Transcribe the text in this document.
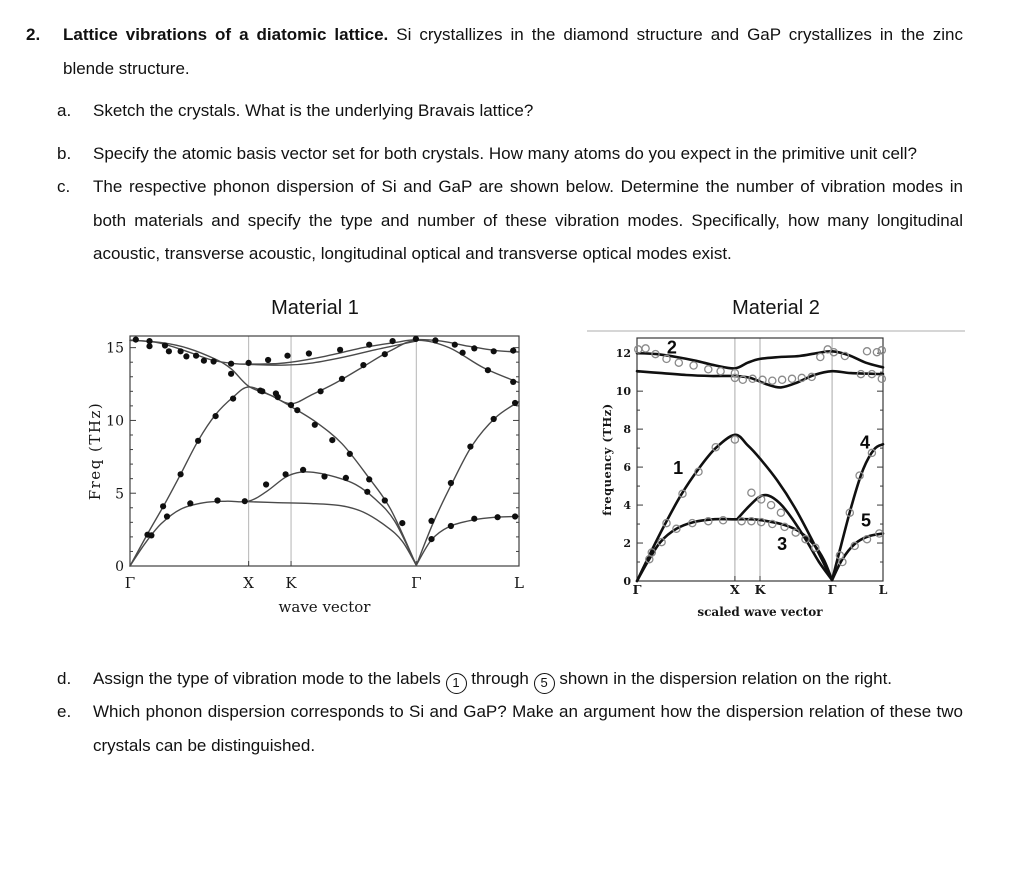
2.	Lattice vibrations of a diatomic lattice. Si crystallizes in the diamond structure and GaP crystallizes in the zinc blende structure.

a.	Sketch the crystals. What is the underlying Bravais lattice?

b.	Specify the atomic basis vector set for both crystals. How many atoms do you expect in the primitive unit cell?

c.	The respective phonon dispersion of Si and GaP are shown below. Determine the number of vibration modes in both materials and specify the type and number of these vibration modes. Specifically, how many longitudinal acoustic, transverse acoustic, longitudinal optical and transverse optical modes exist.

Material 1
0
5
10
15
Γ	X K	Γ	L
wave vector
Freq (THz)
Material 2
0
2
4
6
8
10
12
Γ	X K	Γ	L
2
1
3
4
5
scaled wave vector
frequency (THz)
d.	Assign the type of vibration mode to the labels 1 through 5 shown in the dispersion relation on the right.

e.	Which phonon dispersion corresponds to Si and GaP? Make an argument how the dispersion relation of these two crystals can be distinguished.
